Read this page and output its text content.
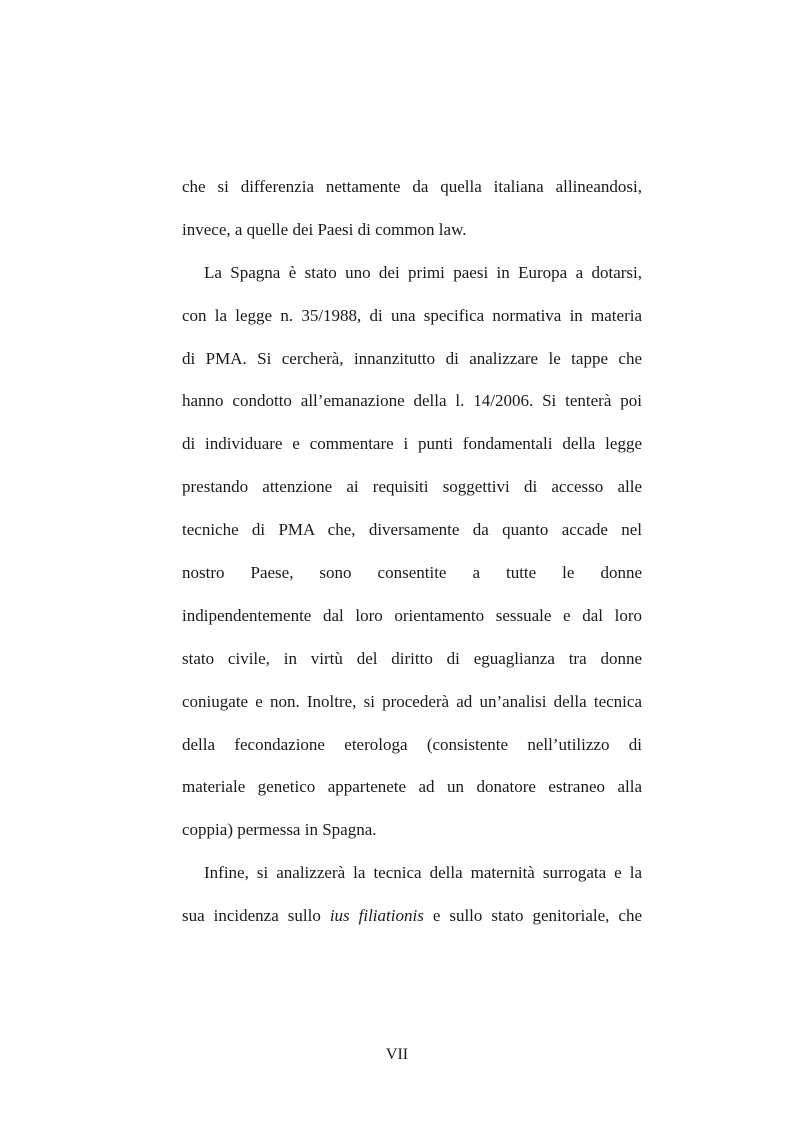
che si differenzia nettamente da quella italiana allineandosi,
invece, a quelle dei Paesi di common law.
La Spagna è stato uno dei primi paesi in Europa a dotarsi,
con la legge n. 35/1988, di una specifica normativa in materia
di PMA. Si cercherà, innanzitutto di analizzare le tappe che
hanno condotto all’emanazione della l. 14/2006. Si tenterà poi
di individuare e commentare i punti fondamentali della legge
prestando attenzione ai requisiti soggettivi di accesso alle
tecniche di PMA che, diversamente da quanto accade nel
nostro Paese, sono consentite a tutte le donne
indipendentemente dal loro orientamento sessuale e dal loro
stato civile, in virtù del diritto di eguaglianza tra donne
coniugate e non. Inoltre, si procederà ad un’analisi della tecnica
della fecondazione eterologa (consistente nell’utilizzo di
materiale genetico appartenete ad un donatore estraneo alla
coppia) permessa in Spagna.
Infine, si analizzerà la tecnica della maternità surrogata e la
sua incidenza sullo ius filiationis e sullo stato genitoriale, che
VII
